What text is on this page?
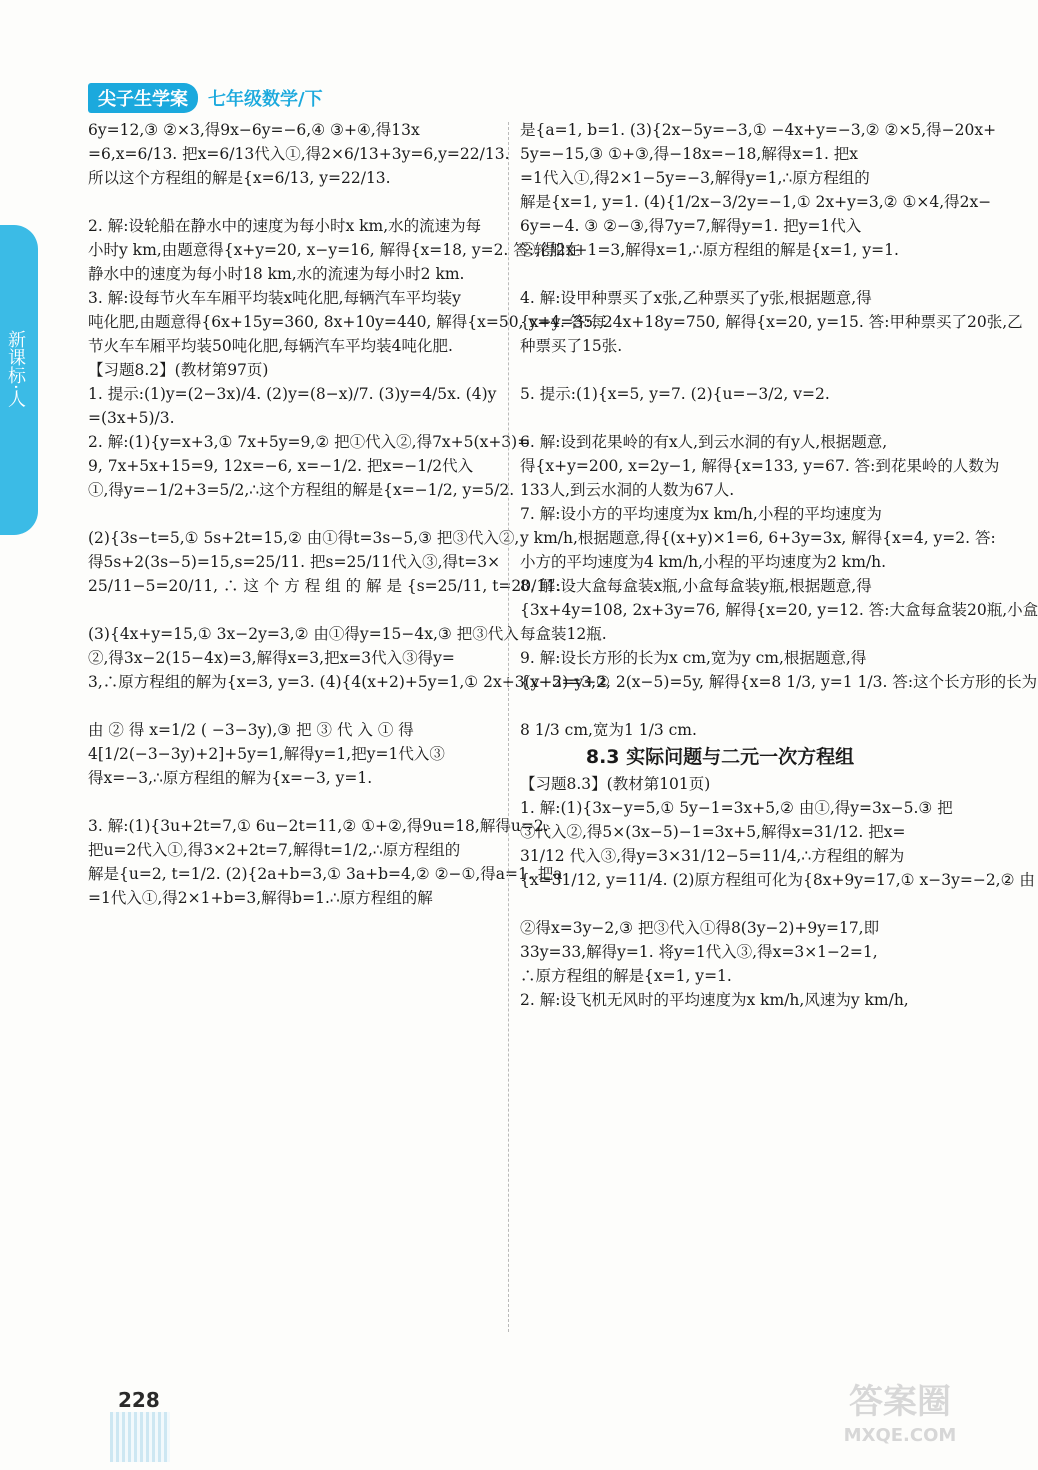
新课标·人
尖子生学案	七年级数学/下
6y=12,③ ②×3,得9x−6y=−6,④ ③+④,得13x
=6,x=6/13. 把x=6/13代入①,得2×6/13+3y=6,y=22/13.
所以这个方程组的解是{x=6/13, y=22/13.

2. 解:设轮船在静水中的速度为每小时x km,水的流速为每
小时y km,由题意得{x+y=20, x−y=16, 解得{x=18, y=2. 答:轮船在
静水中的速度为每小时18 km,水的流速为每小时2 km.
3. 解:设每节火车车厢平均装x吨化肥,每辆汽车平均装y
吨化肥,由题意得{6x+15y=360, 8x+10y=440, 解得{x=50, y=4. 答:每
节火车车厢平均装50吨化肥,每辆汽车平均装4吨化肥.
【习题8.2】(教材第97页)
1. 提示:(1)y=(2−3x)/4. (2)y=(8−x)/7. (3)y=4/5x. (4)y
=(3x+5)/3.
2. 解:(1){y=x+3,① 7x+5y=9,② 把①代入②,得7x+5(x+3)=
9, 7x+5x+15=9, 12x=−6, x=−1/2. 把x=−1/2代入
①,得y=−1/2+3=5/2,∴这个方程组的解是{x=−1/2, y=5/2.

(2){3s−t=5,① 5s+2t=15,② 由①得t=3s−5,③ 把③代入②,
得5s+2(3s−5)=15,s=25/11. 把s=25/11代入③,得t=3×
25/11−5=20/11, ∴ 这 个 方 程 组 的 解 是 {s=25/11, t=20/11.

(3){4x+y=15,① 3x−2y=3,② 由①得y=15−4x,③ 把③代入
②,得3x−2(15−4x)=3,解得x=3,把x=3代入③得y=
3,∴原方程组的解为{x=3, y=3. (4){4(x+2)+5y=1,① 2x+3(y+2)=3,②

由 ② 得 x=1/2 ( −3−3y),③ 把 ③ 代 入 ① 得
4[1/2(−3−3y)+2]+5y=1,解得y=1,把y=1代入③
得x=−3,∴原方程组的解为{x=−3, y=1.

3. 解:(1){3u+2t=7,① 6u−2t=11,② ①+②,得9u=18,解得u=2.
把u=2代入①,得3×2+2t=7,解得t=1/2,∴原方程组的
解是{u=2, t=1/2. (2){2a+b=3,① 3a+b=4,② ②−①,得a=1. 把a
=1代入①,得2×1+b=3,解得b=1.∴原方程组的解
是{a=1, b=1. (3){2x−5y=−3,① −4x+y=−3,② ②×5,得−20x+
5y=−15,③ ①+③,得−18x=−18,解得x=1. 把x
=1代入①,得2×1−5y=−3,解得y=1,∴原方程组的
解是{x=1, y=1. (4){1/2x−3/2y=−1,① 2x+y=3,② ①×4,得2x−
6y=−4. ③ ②−③,得7y=7,解得y=1. 把y=1代入
②,得2x+1=3,解得x=1,∴原方程组的解是{x=1, y=1.

4. 解:设甲种票买了x张,乙种票买了y张,根据题意,得
{x+y=35, 24x+18y=750, 解得{x=20, y=15. 答:甲种票买了20张,乙
种票买了15张.

5. 提示:(1){x=5, y=7. (2){u=−3/2, v=2.

6. 解:设到花果岭的有x人,到云水洞的有y人,根据题意,
得{x+y=200, x=2y−1, 解得{x=133, y=67. 答:到花果岭的人数为
133人,到云水洞的人数为67人.
7. 解:设小方的平均速度为x km/h,小程的平均速度为
y km/h,根据题意,得{(x+y)×1=6, 6+3y=3x, 解得{x=4, y=2. 答:
小方的平均速度为4 km/h,小程的平均速度为2 km/h.
8. 解:设大盒每盒装x瓶,小盒每盒装y瓶,根据题意,得
{3x+4y=108, 2x+3y=76, 解得{x=20, y=12. 答:大盒每盒装20瓶,小盒
每盒装12瓶.
9. 解:设长方形的长为x cm,宽为y cm,根据题意,得
{x−5=y+2, 2(x−5)=5y, 解得{x=8 1/3, y=1 1/3. 答:这个长方形的长为

8 1/3 cm,宽为1 1/3 cm.
8.3 实际问题与二元一次方程组
【习题8.3】(教材第101页)
1. 解:(1){3x−y=5,① 5y−1=3x+5,② 由①,得y=3x−5.③ 把
③代入②,得5×(3x−5)−1=3x+5,解得x=31/12. 把x=
31/12 代入③,得y=3×31/12−5=11/4,∴方程组的解为
{x=31/12, y=11/4. (2)原方程组可化为{8x+9y=17,① x−3y=−2,② 由

②得x=3y−2,③ 把③代入①得8(3y−2)+9y=17,即
33y=33,解得y=1. 将y=1代入③,得x=3×1−2=1,
∴原方程组的解是{x=1, y=1.
2. 解:设飞机无风时的平均速度为x km/h,风速为y km/h,
228	答案圈
MXQE.COM
